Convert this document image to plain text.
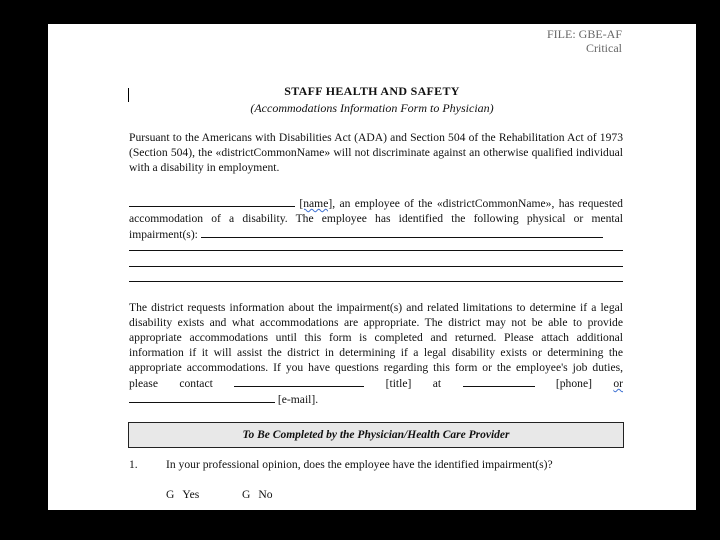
FILE: GBE-AF
Critical
STAFF HEALTH AND SAFETY
(Accommodations Information Form to Physician)
Pursuant to the Americans with Disabilities Act (ADA) and Section 504 of the Rehabilitation Act of 1973 (Section 504), the «districtCommonName» will not discriminate against an otherwise qualified individual with a disability in employment.
[name], an employee of the «districtCommonName», has requested accommodation of a disability. The employee has identified the following physical or mental impairment(s):
The district requests information about the impairment(s) and related limitations to determine if a legal disability exists and what accommodations are appropriate. The district may not be able to provide appropriate accommodations until this form is completed and returned. Please attach additional information if it will assist the district in determining if a legal disability exists or determining the appropriate accommodations. If you have questions regarding this form or the employee's job duties, please contact	[title] at	[phone] or  [e-mail].
To Be Completed by the Physician/Health Care Provider
1. In your professional opinion, does the employee have the identified impairment(s)?
G Yes	G No
